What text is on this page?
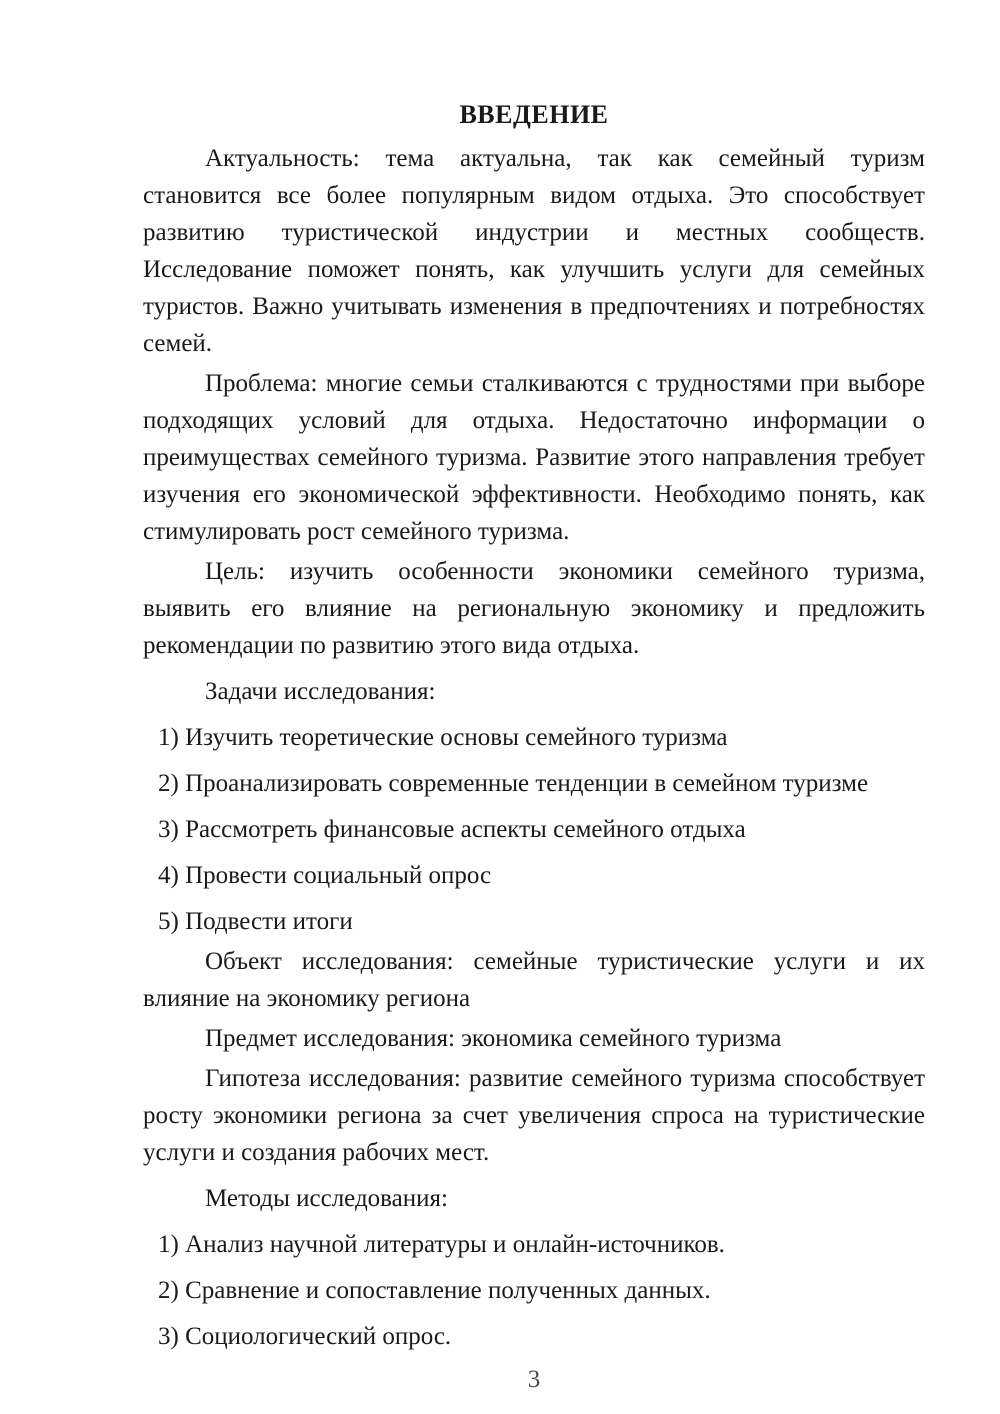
ВВЕДЕНИЕ

Актуальность: тема актуальна, так как семейный туризм становится все более популярным видом отдыха. Это способствует развитию туристической индустрии и местных сообществ. Исследование поможет понять, как улучшить услуги для семейных туристов. Важно учитывать изменения в предпочтениях и потребностях семей.

Проблема: многие семьи сталкиваются с трудностями при выборе подходящих условий для отдыха. Недостаточно информации о преимуществах семейного туризма. Развитие этого направления требует изучения его экономической эффективности. Необходимо понять, как стимулировать рост семейного туризма.

Цель: изучить особенности экономики семейного туризма, выявить его влияние на региональную экономику и предложить рекомендации по развитию этого вида отдыха.

Задачи исследования:

1) Изучить теоретические основы семейного туризма
2) Проанализировать современные тенденции в семейном туризме
3) Рассмотреть финансовые аспекты семейного отдыха
4) Провести социальный опрос
5) Подвести итоги

Объект исследования: семейные туристические услуги и их влияние на экономику региона

Предмет исследования: экономика семейного туризма

Гипотеза исследования: развитие семейного туризма способствует росту экономики региона за счет увеличения спроса на туристические услуги и создания рабочих мест.

Методы исследования:

1) Анализ научной литературы и онлайн-источников.
2) Сравнение и сопоставление полученных данных.
3) Социологический опрос.
3
